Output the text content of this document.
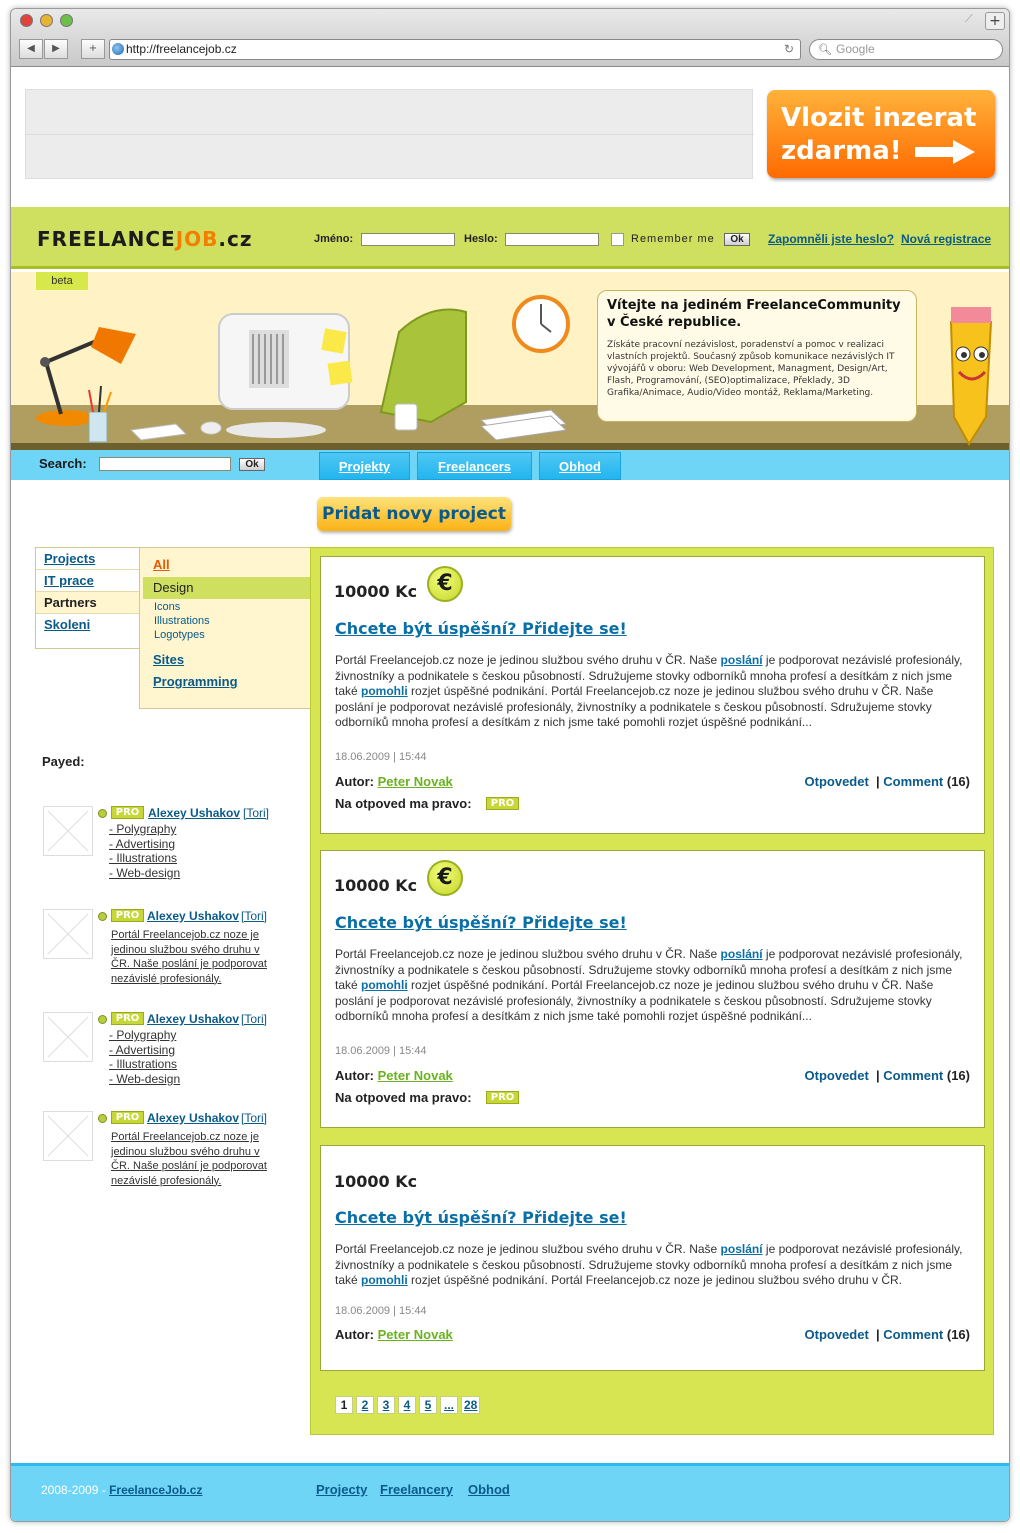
⟋	+
◀	▶	+	http://freelancejob.cz	↻ 🔍︎ Google
Vlozit inzerat
zdarma!
FREELANCEJOB.cz	Jméno:	Heslo:	Remember me	Ok	Zapomněli jste heslo? Nová registrace
beta
Vítejte na jediném FreelanceCommunity v České republice.

Získáte pracovní nezávislost, poradenství a pomoc v realizaci vlastních projektů. Současný způsob komunikace nezávislých IT vývojářů v oboru: Web Development, Managment, Design/Art, Flash, Programování, (SEO)optimalizace, Překlady, 3D Grafika/Animace, Audio/Video montáž, Reklama/Marketing.

Search:	Ok	Projekty	Freelancers	Obhod
Pridat novy project
Projects
IT prace
Partners
Skoleni
All
Design
Icons
Illustrations
Logotypes
Sites
Programming
Payed:
PRO Alexey Ushakov [Tori]
- Polygraphy
- Advertising
- Illustrations
- Web-design
PRO Alexey Ushakov [Tori]
Portál Freelancejob.cz noze je jedinou službou svého druhu v ČR. Naše poslání je podporovat nezávislé profesionály.
PRO Alexey Ushakov [Tori]
- Polygraphy
- Advertising
- Illustrations
- Web-design
PRO Alexey Ushakov [Tori]
Portál Freelancejob.cz noze je jedinou službou svého druhu v ČR. Naše poslání je podporovat nezávislé profesionály.
10000 Kc €
Chcete být úspěšní? Přidejte se!
Portál Freelancejob.cz noze je jedinou službou svého druhu v ČR. Naše poslání je podporovat nezávislé profesionály, živnostníky a podnikatele s českou působností. Sdružujeme stovky odborníků mnoha profesí a desítkám z nich jsme také pomohli rozjet úspěšné podnikání. Portál Freelancejob.cz noze je jedinou službou svého druhu v ČR. Naše poslání je podporovat nezávislé profesionály, živnostníky a podnikatele s českou působností. Sdružujeme stovky odborníků mnoha profesí a desítkám z nich jsme také pomohli rozjet úspěšné podnikání...
18.06.2009 | 15:44
Autor: Peter Novak	Otpovedet  | Comment (16)
Na otpoved ma pravo:	PRO
10000 Kc €
Chcete být úspěšní? Přidejte se!
Portál Freelancejob.cz noze je jedinou službou svého druhu v ČR. Naše poslání je podporovat nezávislé profesionály, živnostníky a podnikatele s českou působností. Sdružujeme stovky odborníků mnoha profesí a desítkám z nich jsme také pomohli rozjet úspěšné podnikání. Portál Freelancejob.cz noze je jedinou službou svého druhu v ČR. Naše poslání je podporovat nezávislé profesionály, živnostníky a podnikatele s českou působností. Sdružujeme stovky odborníků mnoha profesí a desítkám z nich jsme také pomohli rozjet úspěšné podnikání...
18.06.2009 | 15:44
Autor: Peter Novak	Otpovedet  | Comment (16)
Na otpoved ma pravo:	PRO
10000 Kc
Chcete být úspěšní? Přidejte se!
Portál Freelancejob.cz noze je jedinou službou svého druhu v ČR. Naše poslání je podporovat nezávislé profesionály, živnostníky a podnikatele s českou působností. Sdružujeme stovky odborníků mnoha profesí a desítkám z nich jsme také pomohli rozjet úspěšné podnikání. Portál Freelancejob.cz noze je jedinou službou svého druhu v ČR.
18.06.2009 | 15:44
Autor: Peter Novak	Otpovedet  | Comment (16)
1 2 3 4 5 ... 28
2008-2009 - FreelanceJob.cz	Projecty Freelancery Obhod
